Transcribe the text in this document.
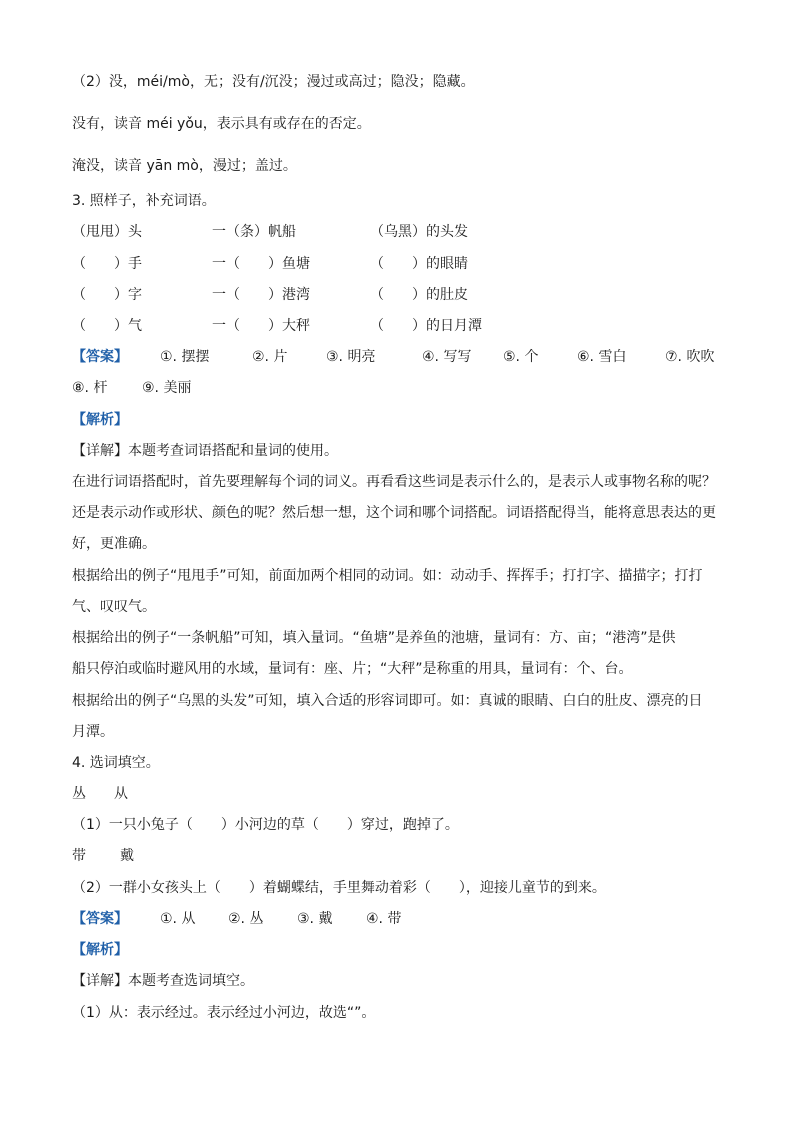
（2）没，méi/mò，无；没有/沉没；漫过或高过；隐没；隐藏。
没有，读音 méi yǒu，表示具有或存在的否定。
淹没，读音 yān mò，漫过；盖过。
3. 照样子，补充词语。
（甩甩）头	一（条）帆船	（乌黑）的头发
（　　）手	一（　　）鱼塘	（　　）的眼睛
（　　）字	一（　　）港湾	（　　）的肚皮
（　　）气	一（　　）大秤	（　　）的日月潭
【答案】 ①. 摆摆	②. 片	③. 明亮	④. 写写 ⑤. 个	⑥. 雪白	⑦. 吹吹
⑧. 杆 ⑨. 美丽
【解析】
【详解】本题考查词语搭配和量词的使用。
在进行词语搭配时，首先要理解每个词的词义。再看看这些词是表示什么的，是表示人或事物名称的呢？
还是表示动作或形状、颜色的呢？然后想一想，这个词和哪个词搭配。词语搭配得当，能将意思表达的更
好，更准确。
根据给出的例子“甩甩手”可知，前面加两个相同的动词。如：动动手、挥挥手；打打字、描描字；打打
气、叹叹气。
根据给出的例子“一条帆船”可知，填入量词。“鱼塘”是养鱼的池塘，量词有：方、亩；“港湾”是供
船只停泊或临时避风用的水域，量词有：座、片；“大秤”是称重的用具，量词有：个、台。
根据给出的例子“乌黑的头发”可知，填入合适的形容词即可。如：真诚的眼睛、白白的肚皮、漂亮的日
月潭。
4. 选词填空。
丛 从
（1）一只小兔子（　　）小河边的草（　　）穿过，跑掉了。
带 戴
（2）一群小女孩头上（　　）着蝴蝶结，手里舞动着彩（　　），迎接儿童节的到来。
【答案】 ①. 从 ②. 丛 ③. 戴 ④. 带
【解析】
【详解】本题考查选词填空。
（1）从：表示经过。表示经过小河边，故选“”。
